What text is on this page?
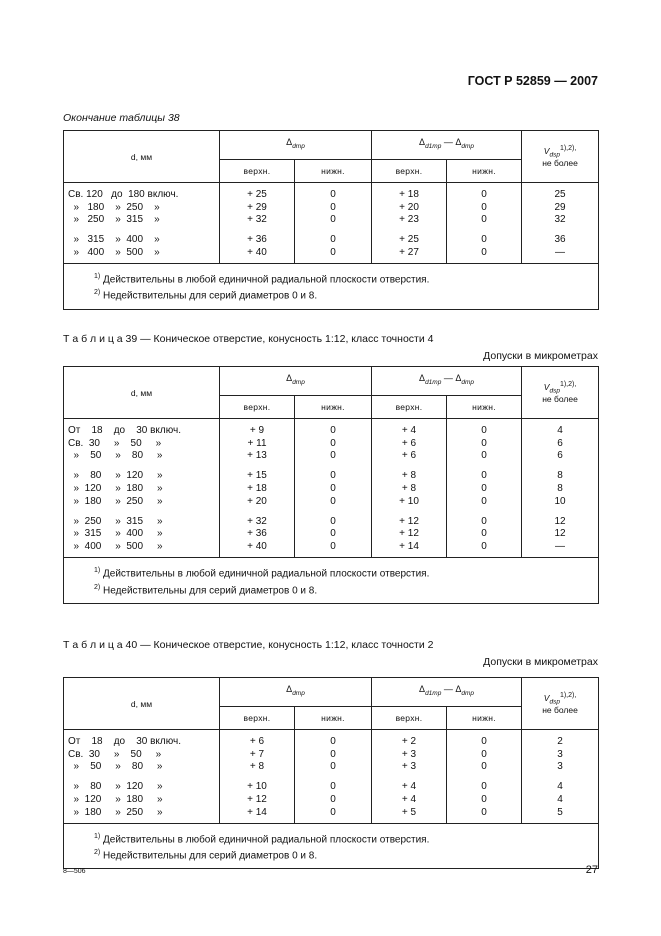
ГОСТ Р 52859 — 2007
Окончание таблицы 38
d, мм	$\Delta_{dmp}$		$\Delta_{d1mp}$ — $\Delta_{dmp}$		$V_{dsp}^{1),2),}$
не более
	верхн.	нижн.	верхн.	нижн.	
Св. 120   до  180 включ.	+ 25	0	+ 18	0	25
»   180    »  250    »	+ 29	0	+ 20	0	29
»   250    »  315    »	+ 32	0	+ 23	0	32

»   315    »  400    »	+ 36	0	+ 25	0	36
»   400    »  500    »	+ 40	0	+ 27	0	—

$^{1)}$ Действительны в любой единичной радиальной плоскости отверстия.
$^{2)}$ Недействительны для серий диаметров 0 и 8.					
Т а б л и ц а 39 — Коническое отверстие, конусность 1:12, класс точности 4
Допуски в микрометрах
d, мм	$\Delta_{dmp}$		$\Delta_{d1mp}$ — $\Delta_{dmp}$		$V_{dsp}^{1),2),}$
не более
	верхн.	нижн.	верхн.	нижн.	
От    18    до    30 включ.	+ 9	0	+ 4	0	4
Св.  30     »    50     »	+ 11	0	+ 6	0	6
»    50     »    80     »	+ 13	0	+ 6	0	6

»    80     »  120     »	+ 15	0	+ 8	0	8
»  120     »  180     »	+ 18	0	+ 8	0	8
»  180     »  250     »	+ 20	0	+ 10	0	10

»  250     »  315     »	+ 32	0	+ 12	0	12
»  315     »  400     »	+ 36	0	+ 12	0	12
»  400     »  500     »	+ 40	0	+ 14	0	—

$^{1)}$ Действительны в любой единичной радиальной плоскости отверстия.
$^{2)}$ Недействительны для серий диаметров 0 и 8.					
Т а б л и ц а 40 — Коническое отверстие, конусность 1:12, класс точности 2
Допуски в микрометрах
d, мм	$\Delta_{dmp}$		$\Delta_{d1mp}$ — $\Delta_{dmp}$		$V_{dsp}^{1),2),}$
не более
	верхн.	нижн.	верхн.	нижн.	
От    18    до    30 включ.	+ 6	0	+ 2	0	2
Св.  30     »    50     »	+ 7	0	+ 3	0	3
»    50     »    80     »	+ 8	0	+ 3	0	3

»    80     »  120     »	+ 10	0	+ 4	0	4
»  120     »  180     »	+ 12	0	+ 4	0	4
»  180     »  250     »	+ 14	0	+ 5	0	5

$^{1)}$ Действительны в любой единичной радиальной плоскости отверстия.
$^{2)}$ Недействительны для серий диаметров 0 и 8.					
8—506	27
